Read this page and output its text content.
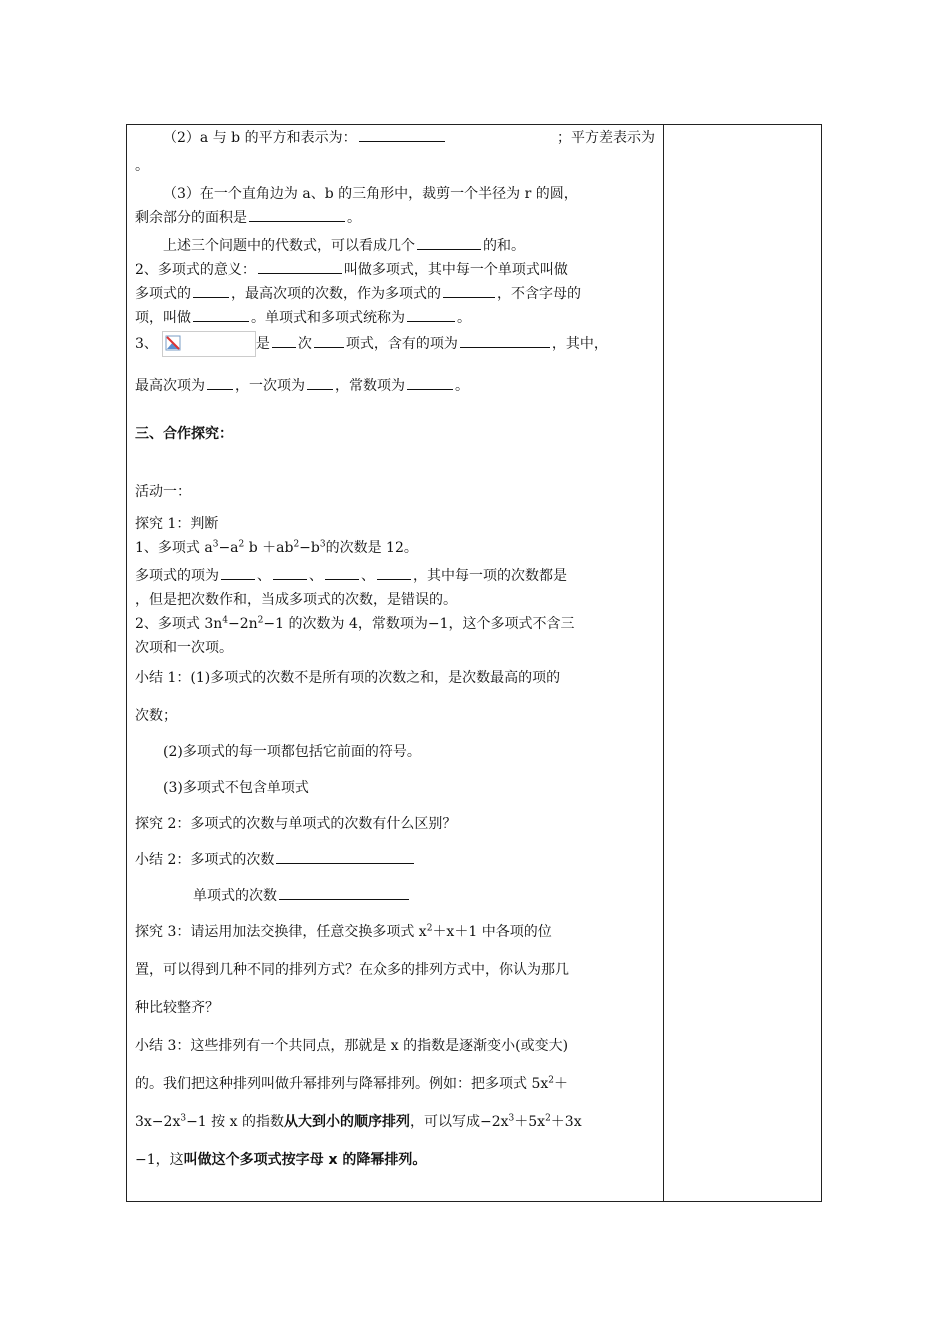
（2）a 与 b 的平方和表示为：	；平方差表示为

。

（3）在一个直角边为 a、b 的三角形中，裁剪一个半径为 r 的圆，

剩余部分的面积是	。

上述三个问题中的代数式，可以看成几个	的和。

2、多项式的意义：	叫做多项式，其中每一个单项式叫做

多项式的	，最高次项的次数，作为多项式的	，不含字母的

项，叫做	。单项式和多项式统称为	。

3、	是 次 项式，含有的项为	，其中，

最高次项为 ，一次项为 ，常数项为	。

三、合作探究：

活动一：

探究 1：判断

1、多项式 $a^3-a^2$ $b +ab^2-b^3$的次数是 12。

多项式的项为	、	、	、	，其中每一项的次数都是

，但是把次数作和，当成多项式的次数，是错误的。

2、多项式 $3n^4-2n^2-1$ 的次数为 4，常数项为−1，这个多项式不含三

次项和一次项。

小结 1：(1)多项式的次数不是所有项的次数之和，是次数最高的项的

次数；

(2)多项式的每一项都包括它前面的符号。

(3)多项式不包含单项式

探究 2：多项式的次数与单项式的次数有什么区别？

小结 2：多项式的次数

单项式的次数

探究 3：请运用加法交换律，任意交换多项式 $x^2+x+1$ 中各项的位

置，可以得到几种不同的排列方式？在众多的排列方式中，你认为那几

种比较整齐？

小结 3：这些排列有一个共同点，那就是 x 的指数是逐渐变小(或变大)

的。我们把这种排列叫做升幂排列与降幂排列。例如：把多项式 $5x^2+$

$3x-2x^3-1$ 按 x 的指数从大到小的顺序排列，可以写成$-2x^3+5x^2+3x$

−1，这叫做这个多项式按字母 x 的降幂排列。
